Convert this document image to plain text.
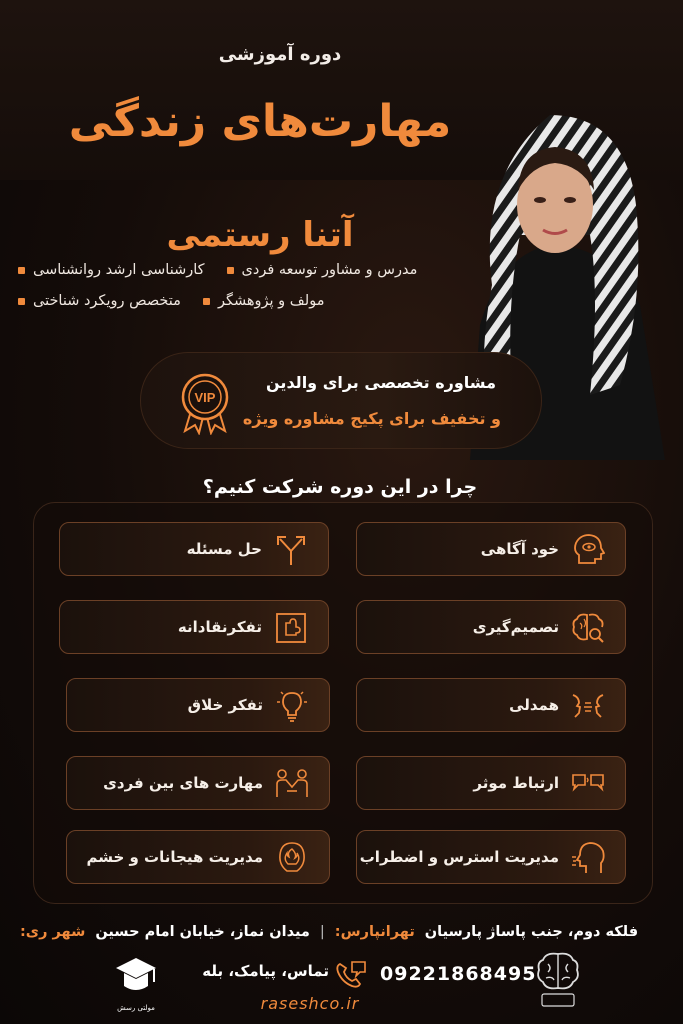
دوره آموزشی
مهارت‌های زندگی
آتنا رستمی
کارشناسی ارشد روانشناسی	مدرس و مشاور توسعه فردی
متخصص رویکرد شناختی	مولف و پژوهشگر
VIP
مشاوره تخصصی برای والدین
و تخفیف برای پکیج مشاوره ویژه
چرا در این دوره شرکت کنیم؟
خود آگاهی
حل مسئله
تصمیم‌گیری
تفکر‌نقادانه
همدلی
تفکر خلاق
ارتباط موثر
مهارت های بین فردی
مدیریت استرس و اضطراب
مدیریت هیجانات و خشم
شهر ری: میدان نماز، خیابان امام حسین | تهرانپارس: فلکه دوم، جنب پاساژ پارسیان
09221868495
تماس، پیامک، بله
raseshco.ir
مولتی رسش
